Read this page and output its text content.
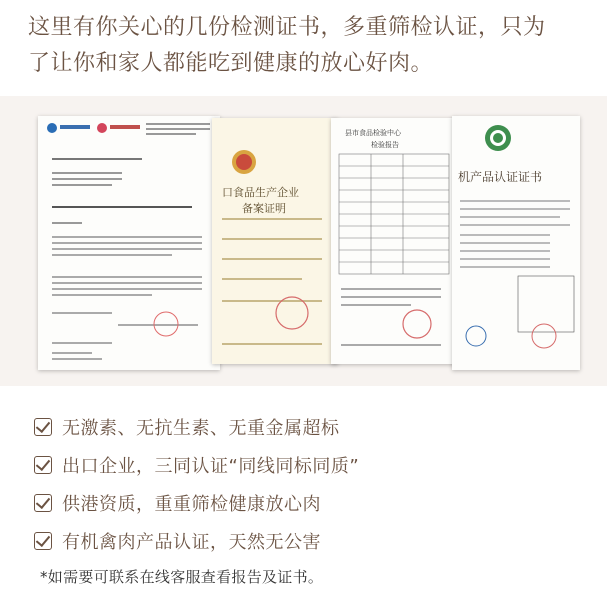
这里有你关心的几份检测证书，多重筛检认证，只为
了让你和家人都能吃到健康的放心好肉。
口食品生产企业
备案证明
县市食品检验中心
检验报告
机产品认证证书
无激素、无抗生素、无重金属超标
出口企业，三同认证“同线同标同质”
供港资质，重重筛检健康放心肉
有机禽肉产品认证，天然无公害
*如需要可联系在线客服查看报告及证书。
